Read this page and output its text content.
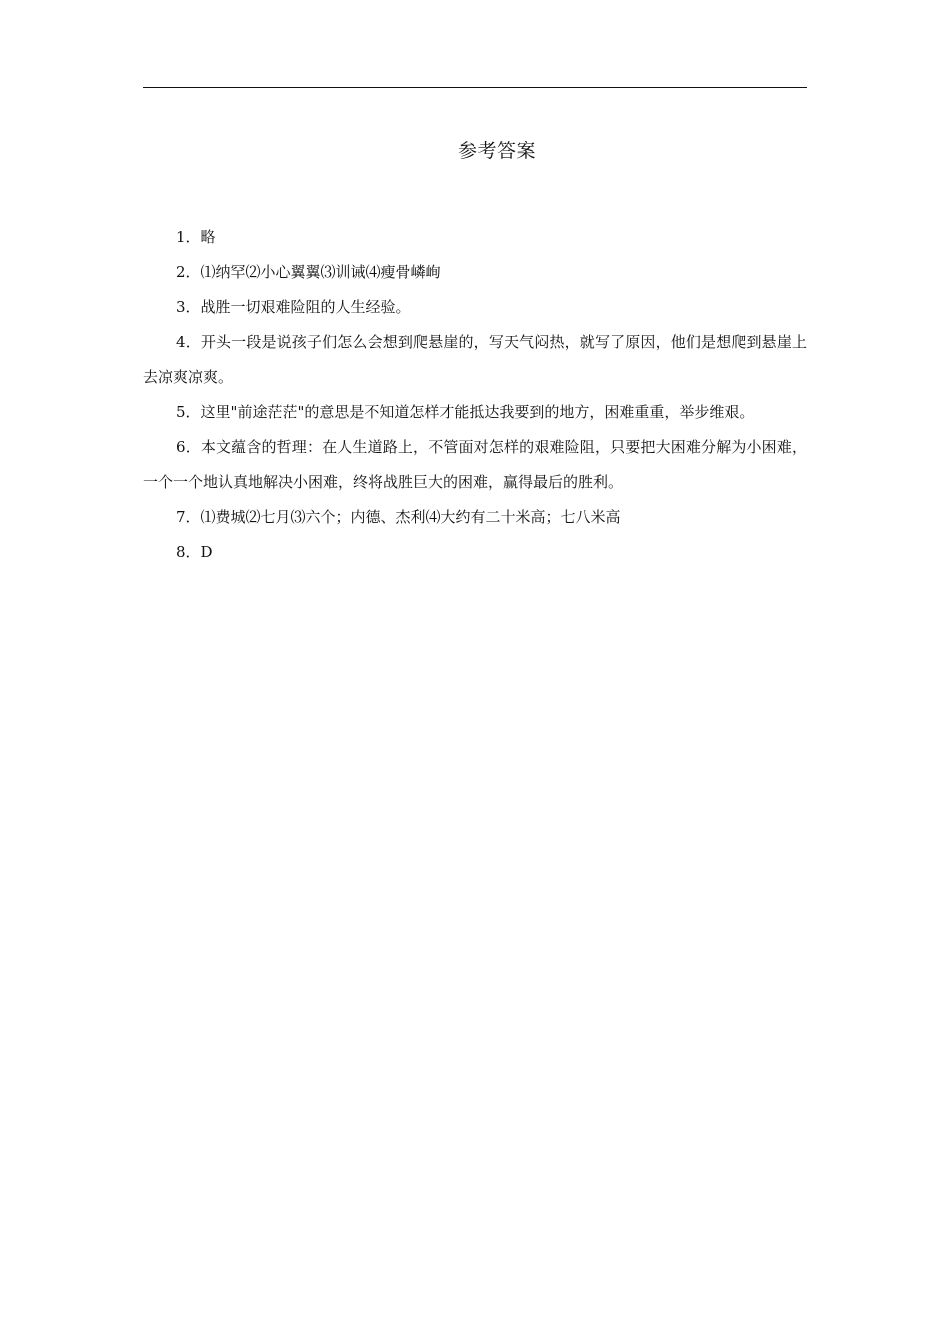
参考答案

1．略

2．⑴纳罕⑵小心翼翼⑶训诫⑷瘦骨嶙峋

3．战胜一切艰难险阻的人生经验。

4．开头一段是说孩子们怎么会想到爬悬崖的，写天气闷热，就写了原因，他们是想爬到悬崖上去凉爽凉爽。

5．这里"前途茫茫"的意思是不知道怎样才能抵达我要到的地方，困难重重，举步维艰。

6．本文蕴含的哲理：在人生道路上，不管面对怎样的艰难险阻，只要把大困难分解为小困难，一个一个地认真地解决小困难，终将战胜巨大的困难，赢得最后的胜利。

7．⑴费城⑵七月⑶六个；内德、杰利⑷大约有二十米高；七八米高

8．D
